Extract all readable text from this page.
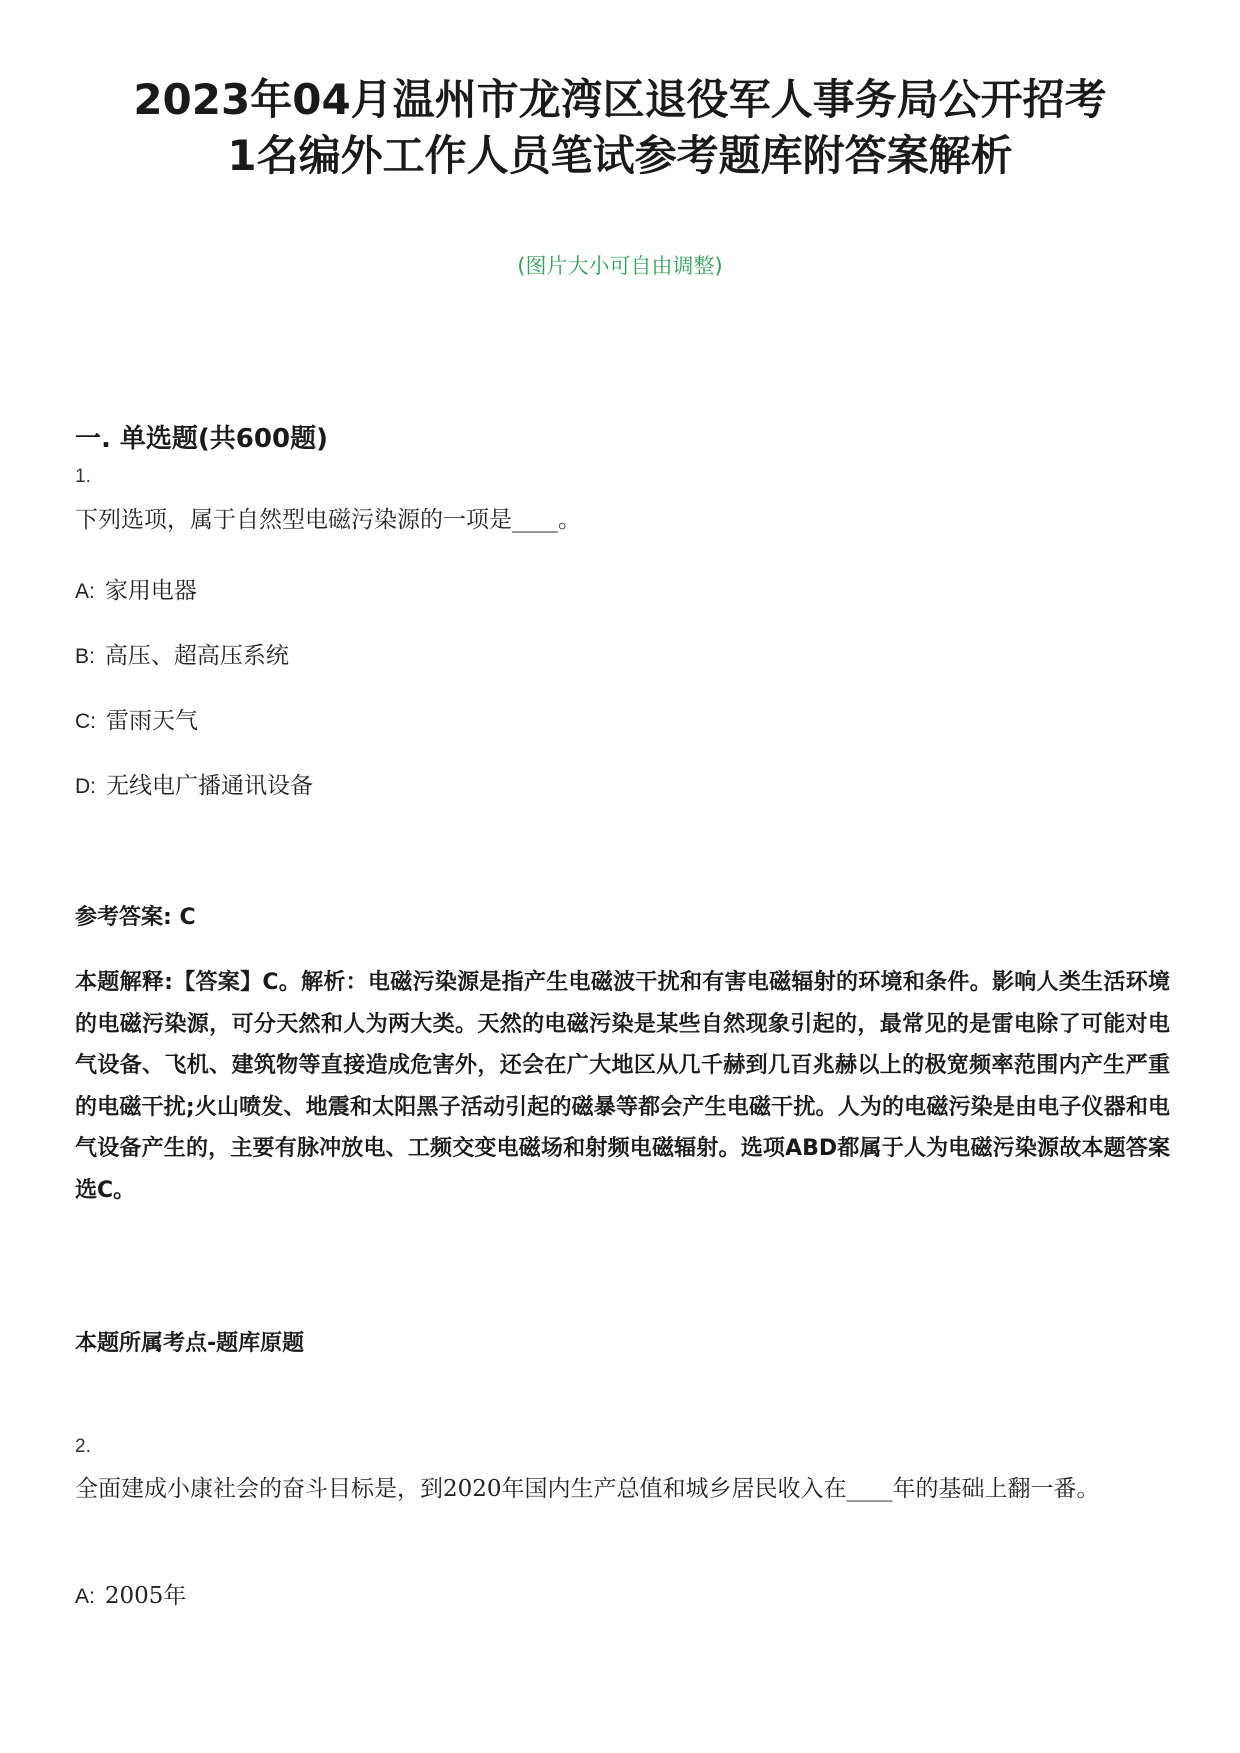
2023年04月温州市龙湾区退役军人事务局公开招考
1名编外工作人员笔试参考题库附答案解析
(图片大小可自由调整)
一. 单选题(共600题)
1.
下列选项，属于自然型电磁污染源的一项是____。
A: 家用电器
B: 高压、超高压系统
C: 雷雨天气
D: 无线电广播通讯设备
参考答案: C
本题解释:【答案】C。解析：电磁污染源是指产生电磁波干扰和有害电磁辐射的环境和条件。影响人类生活环境的电磁污染源，可分天然和人为两大类。天然的电磁污染是某些自然现象引起的，最常见的是雷电除了可能对电气设备、飞机、建筑物等直接造成危害外，还会在广大地区从几千赫到几百兆赫以上的极宽频率范围内产生严重的电磁干扰;火山喷发、地震和太阳黑子活动引起的磁暴等都会产生电磁干扰。人为的电磁污染是由电子仪器和电气设备产生的，主要有脉冲放电、工频交变电磁场和射频电磁辐射。选项ABD都属于人为电磁污染源故本题答案选C。
本题所属考点-题库原题
2.
全面建成小康社会的奋斗目标是，到2020年国内生产总值和城乡居民收入在____年的基础上翻一番。
A: 2005年
